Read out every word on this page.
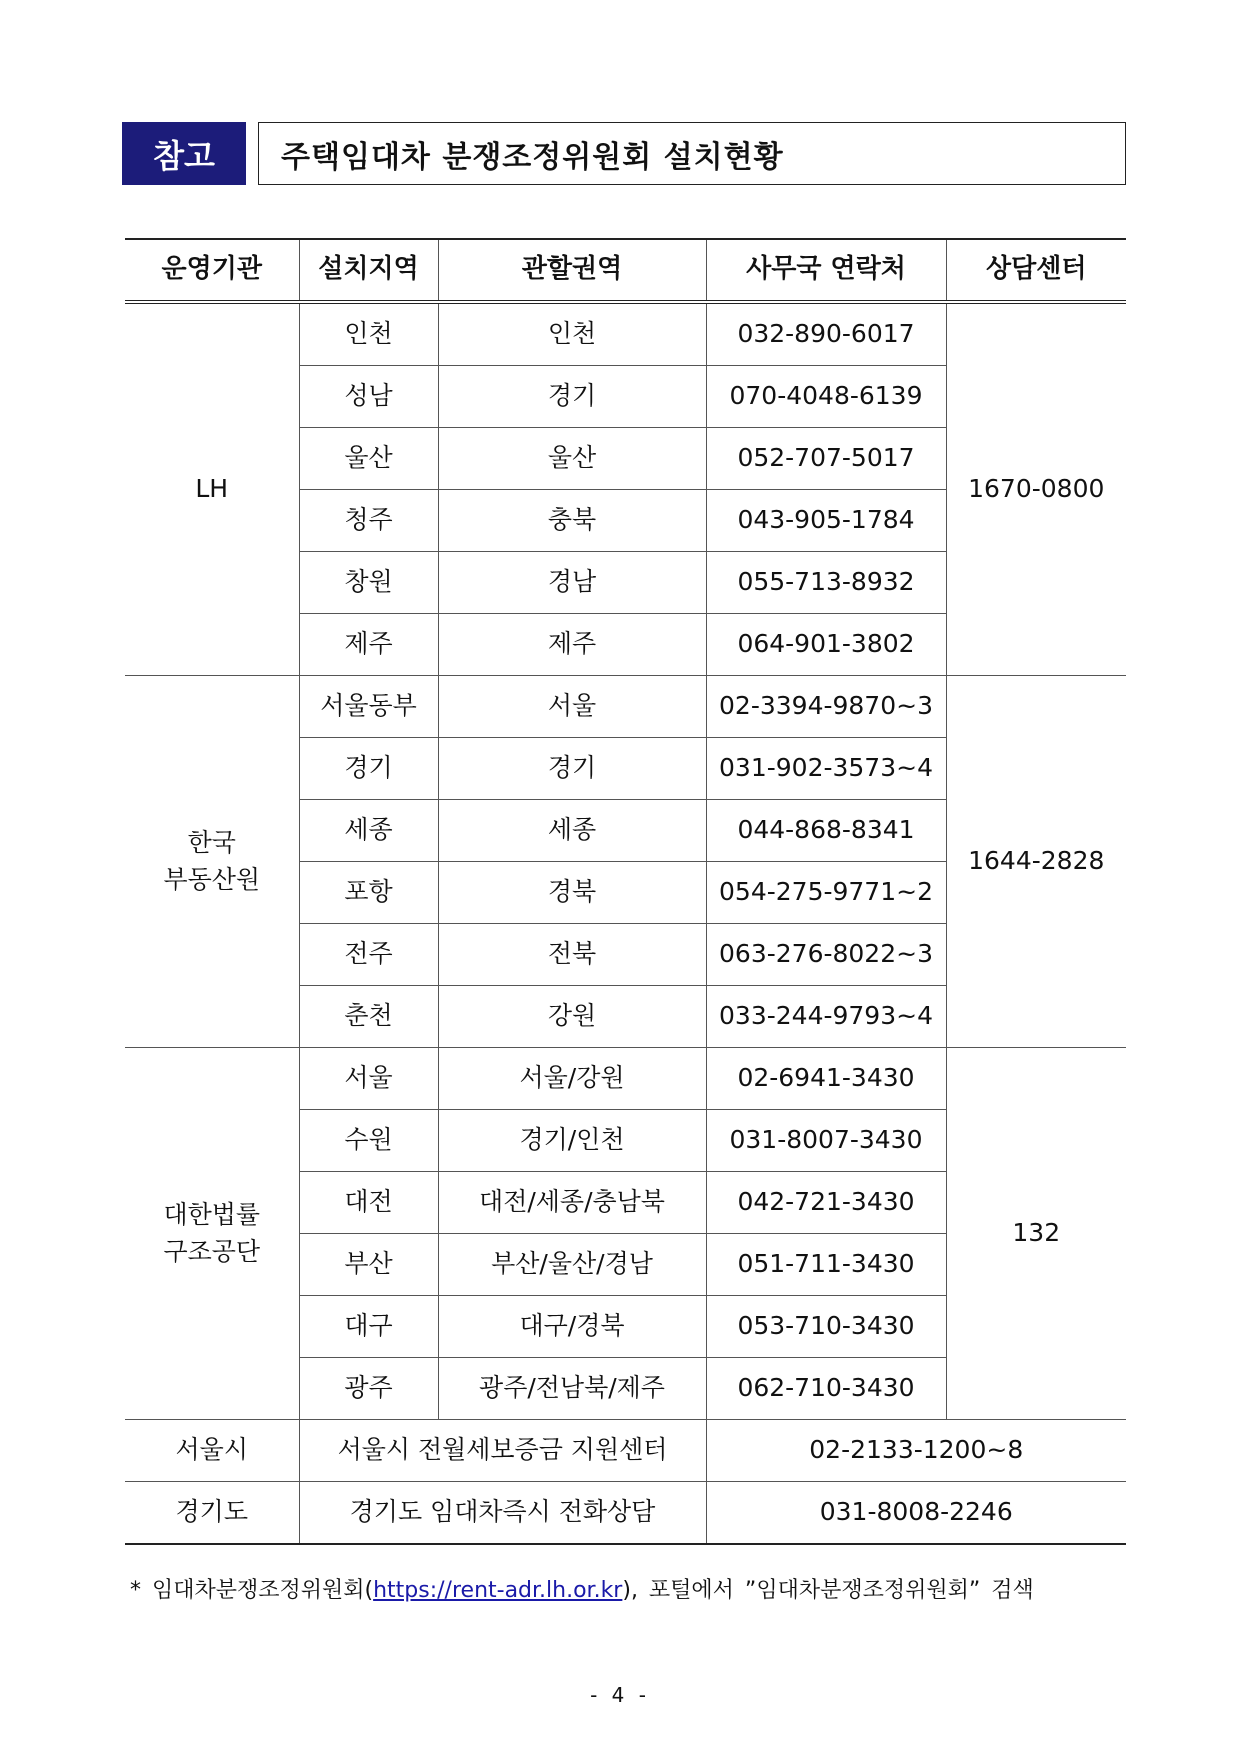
참고	주택임대차 분쟁조정위원회 설치현황
운영기관	설치지역	관할권역	사무국 연락처	상담센터
LH	인천	인천	032-890-6017	1670-0800
	성남	경기	070-4048-6139	
	울산	울산	052-707-5017	
	청주	충북	043-905-1784	
	창원	경남	055-713-8932	
	제주	제주	064-901-3802	

한국
부동산원	서울동부	서울	02-3394-9870~3	1644-2828
	경기	경기	031-902-3573~4	
	세종	세종	044-868-8341	
	포항	경북	054-275-9771~2	
	전주	전북	063-276-8022~3	
	춘천	강원	033-244-9793~4	

대한법률
구조공단	서울	서울/강원	02-6941-3430	132
	수원	경기/인천	031-8007-3430	
	대전	대전/세종/충남북	042-721-3430	
	부산	부산/울산/경남	051-711-3430	
	대구	대구/경북	053-710-3430	
	광주	광주/전남북/제주	062-710-3430	
서울시	서울시 전월세보증금 지원센터		02-2133-1200~8	
경기도	경기도 임대차즉시 전화상담		031-8008-2246	
* 임대차분쟁조정위원회(https://rent-adr.lh.or.kr), 포털에서 ”임대차분쟁조정위원회” 검색
- 4 -
